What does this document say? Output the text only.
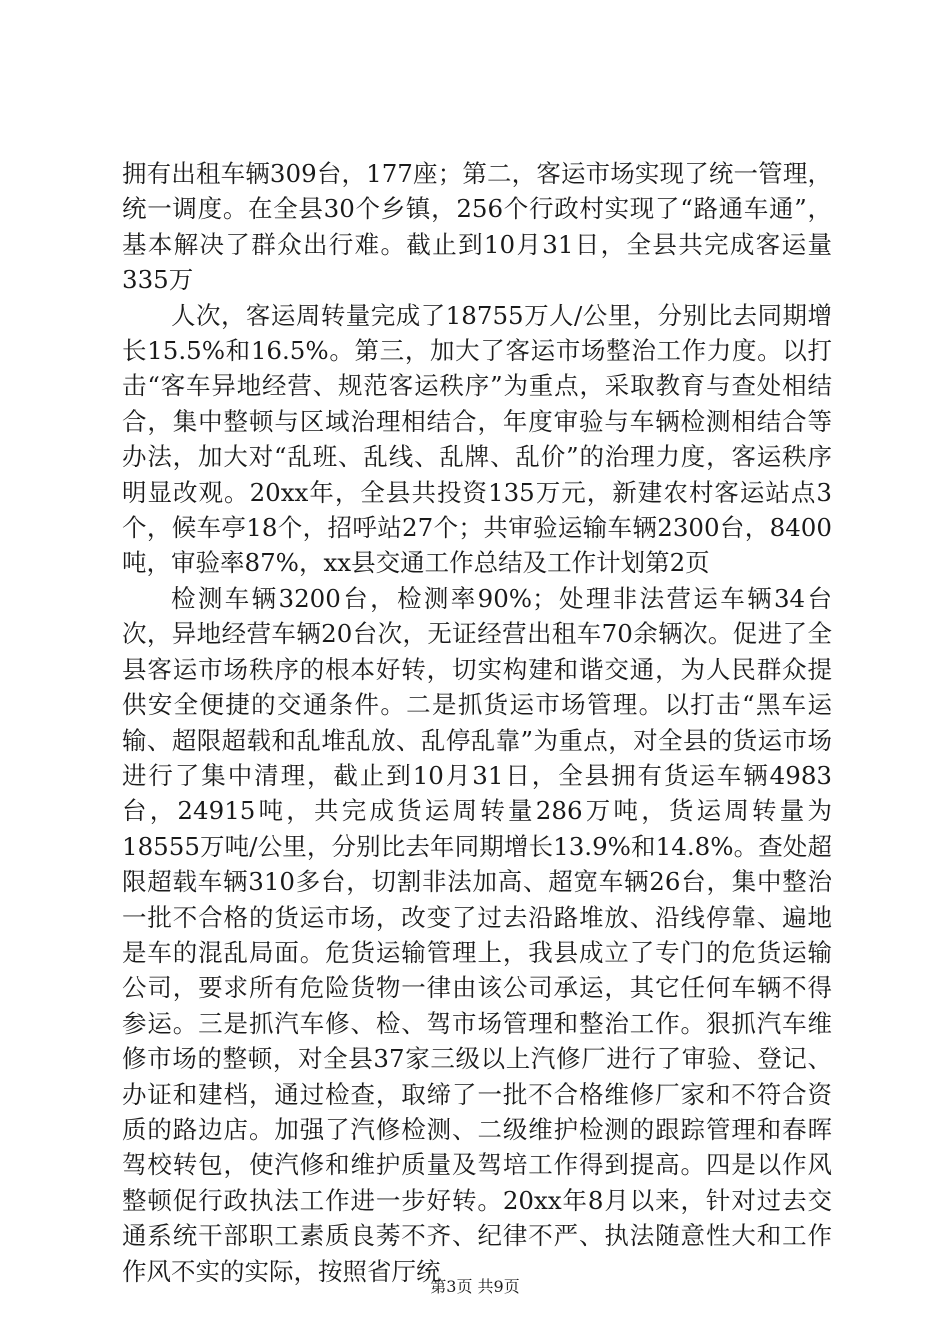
拥有出租车辆309台，177座；第二，客运市场实现了统一管理，统一调度。在全县30个乡镇，256个行政村实现了“路通车通”，基本解决了群众出行难。截止到10月31日，全县共完成客运量335万

人次，客运周转量完成了18755万人/公里，分别比去同期增长15.5%和16.5%。第三，加大了客运市场整治工作力度。以打击“客车异地经营、规范客运秩序”为重点，采取教育与查处相结合，集中整顿与区域治理相结合，年度审验与车辆检测相结合等办法，加大对“乱班、乱线、乱牌、乱价”的治理力度，客运秩序明显改观。20xx年，全县共投资135万元，新建农村客运站点3个，候车亭18个，招呼站27个；共审验运输车辆2300台，8400吨，审验率87%，xx县交通工作总结及工作计划第2页

检测车辆3200台，检测率90%；处理非法营运车辆34台次，异地经营车辆20台次，无证经营出租车70余辆次。促进了全县客运市场秩序的根本好转，切实构建和谐交通，为人民群众提供安全便捷的交通条件。二是抓货运市场管理。以打击“黑车运输、超限超载和乱堆乱放、乱停乱靠”为重点，对全县的货运市场进行了集中清理，截止到10月31日，全县拥有货运车辆4983台，24915吨，共完成货运周转量286万吨，货运周转量为18555万吨/公里，分别比去年同期增长13.9%和14.8%。查处超限超载车辆310多台，切割非法加高、超宽车辆26台，集中整治一批不合格的货运市场，改变了过去沿路堆放、沿线停靠、遍地是车的混乱局面。危货运输管理上，我县成立了专门的危货运输公司，要求所有危险货物一律由该公司承运，其它任何车辆不得参运。三是抓汽车修、检、驾市场管理和整治工作。狠抓汽车维修市场的整顿，对全县37家三级以上汽修厂进行了审验、登记、办证和建档，通过检查，取缔了一批不合格维修厂家和不符合资质的路边店。加强了汽修检测、二级维护检测的跟踪管理和春晖驾校转包，使汽修和维护质量及驾培工作得到提高。四是以作风整顿促行政执法工作进一步好转。20xx年8月以来，针对过去交通系统干部职工素质良莠不齐、纪律不严、执法随意性大和工作作风不实的实际，按照省厅统

第3页 共9页
